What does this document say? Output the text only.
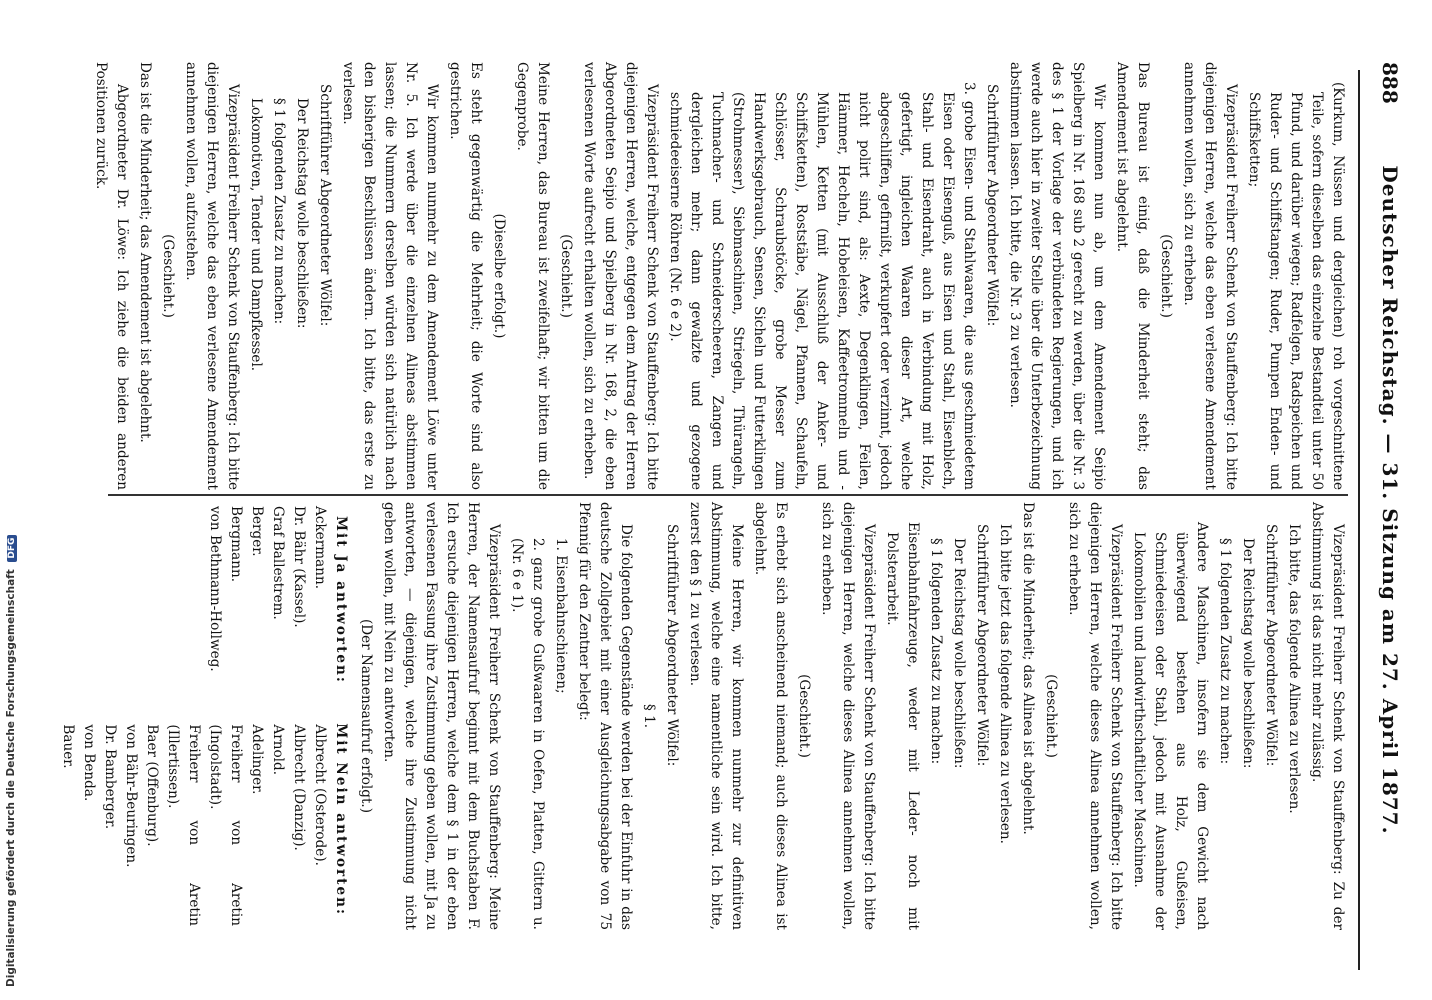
888
Deutscher Reichstag. — 31. Sitzung am 27. April 1877.

(Kurkum, Nüssen und dergleichen) roh vorgeschnittene Teile, sofern dieselben das einzelne Bestandteil unter 50 Pfund, und darüber wiegen; Radfelgen, Radspeichen und Ruder- und Schiffstangen; Ruder, Pumpen Enden- und Schiffsketten;

Vizepräsident Freiherr Schenk von Stauffenberg: Ich bitte diejenigen Herren, welche das eben verlesene Amendement annehmen wollen, sich zu erheben.

(Geschieht.)

Das Bureau ist einig, daß die Minderheit steht; das Amendement ist abgelehnt.

Wir kommen nun ab, um dem Amendement Seipio Spielberg in Nr. 168 sub 2 gerecht zu werden, über die Nr. 3 des § 1 der Vorlage der verbündeten Regierungen, und ich werde auch hier in zweiter Stelle über die Unterbezeichnung abstimmen lassen. Ich bitte, die Nr. 3 zu verlesen.

Schriftführer Abgeordneter Wölfel:

3. grobe Eisen- und Stahlwaaren, die aus geschmiedetem Eisen oder Eisenguß, aus Eisen und Stahl, Eisenblech, Stahl- und Eisendraht, auch in Verbindung mit Holz, gefertigt, ingleichen Waaren dieser Art, welche abgeschliffen, gefirnißt, verkupfert oder verzinnt, jedoch nicht polirt sind, als: Aexte, Degenklingen, Feilen, Hämmer, Hecheln, Hobeleisen, Kaffeetrommeln und -Mühlen, Ketten (mit Ausschluß der Anker- und Schiffsketten), Roststäbe, Nägel, Pfannen, Schaufeln, Schlösser, Schraubstöcke, grobe Messer zum Handwerksgebrauch, Sensen, Sicheln und Futterklingen (Strohmesser), Siebmaschinen, Striegeln, Thürangeln, Tuchmacher- und Schneiderscheeren, Zangen und dergleichen mehr; dann gewalzte und gezogene schmiedeeiserne Röhren (Nr. 6 e 2).

Vizepräsident Freiherr Schenk von Stauffenberg: Ich bitte diejenigen Herren, welche, entgegen dem Antrag der Herren Abgeordneten Seipio und Spielberg in Nr. 168, 2, die eben verlesenen Worte aufrecht erhalten wollen, sich zu erheben.

(Geschieht.)

Meine Herren, das Bureau ist zweifelhaft; wir bitten um die Gegenprobe.

(Dieselbe erfolgt.)

Es steht gegenwärtig die Mehrheit; die Worte sind also gestrichen.

Wir kommen nunmehr zu dem Amendement Löwe unter Nr. 5. Ich werde über die einzelnen Alineas abstimmen lassen; die Nummern derselben würden sich natürlich nach den bisherigen Beschlüssen ändern. Ich bitte, das erste zu verlesen.

Schriftführer Abgeordneter Wölfel:

Der Reichstag wolle beschließen:

§ 1 folgenden Zusatz zu machen:

Lokomotiven, Tender und Dampfkessel.

Vizepräsident Freiherr Schenk von Stauffenberg: Ich bitte diejenigen Herren, welche das eben verlesene Amendement annehmen wollen, aufzustehen.

(Geschieht.)

Das ist die Minderheit; das Amendement ist abgelehnt.

Abgeordneter Dr. Löwe: Ich ziehe die beiden anderen Positionen zurück.

Vizepräsident Freiherr Schenk von Stauffenberg: Zu der Abstimmung ist das nicht mehr zulässig.

Ich bitte, das folgende Alinea zu verlesen.

Schriftführer Abgeordneter Wölfel:

Der Reichstag wolle beschließen:

§ 1 folgenden Zusatz zu machen:

Andere Maschinen, insofern sie dem Gewicht nach überwiegend bestehen aus Holz, Gußeisen, Schmiedeeisen oder Stahl, jedoch mit Ausnahme der Lokomobilen und landwirthschaftlicher Maschinen.

Vizepräsident Freiherr Schenk von Stauffenberg: Ich bitte diejenigen Herren, welche dieses Alinea annehmen wollen, sich zu erheben.

(Geschieht.)

Das ist die Minderheit; das Alinea ist abgelehnt.

Ich bitte jetzt das folgende Alinea zu verlesen.

Schriftführer Abgeordneter Wölfel:

Der Reichstag wolle beschließen:

§ 1 folgenden Zusatz zu machen:

Eisenbahnfahrzeuge, weder mit Leder- noch mit Polsterarbeit.

Vizepräsident Freiherr Schenk von Stauffenberg: Ich bitte diejenigen Herren, welche dieses Alinea annehmen wollen, sich zu erheben.

(Geschieht.)

Es erhebt sich anscheinend niemand; auch dieses Alinea ist abgelehnt.

Meine Herren, wir kommen nunmehr zur definitiven Abstimmung, welche eine namentliche sein wird. Ich bitte, zuerst den § 1 zu verlesen.

Schriftführer Abgeordneter Wölfel:

§ 1.

Die folgenden Gegenstände werden bei der Einfuhr in das deutsche Zollgebiet mit einer Ausgleichungsabgabe von 75 Pfennig für den Zentner belegt:

1. Eisenbahnschienen;

2. ganz grobe Gußwaaren in Oefen, Platten, Gittern u. (Nr. 6 e 1).

Vizepräsident Freiherr Schenk von Stauffenberg: Meine Herren, der Namensaufruf beginnt mit dem Buchstaben F. Ich ersuche diejenigen Herren, welche dem § 1 in der eben verlesenen Fassung ihre Zustimmung geben wollen, mit Ja zu antworten, — diejenigen, welche ihre Zustimmung nicht geben wollen, mit Nein zu antworten.

(Der Namensaufruf erfolgt.)

Mit Ja antworten:
Mit Nein antworten:
Ackermann.
Dr. Bähr (Kassel).
Graf Ballestrem.
Berger.
Bergmann.
von Bethmann-Hollweg.
Albrecht (Osterode).
Albrecht (Danzig).
Arnold.
Adelinger.
Freiherr von Aretin (Ingolstadt).
Freiherr von Aretin (Illertissen).
Baer (Offenburg).
von Bähr-Beuringen.
Dr. Bamberger.
von Benda.
Bauer.
Digitalisierung gefördert durch die Deutsche Forschungsgemeinschaft DFG
